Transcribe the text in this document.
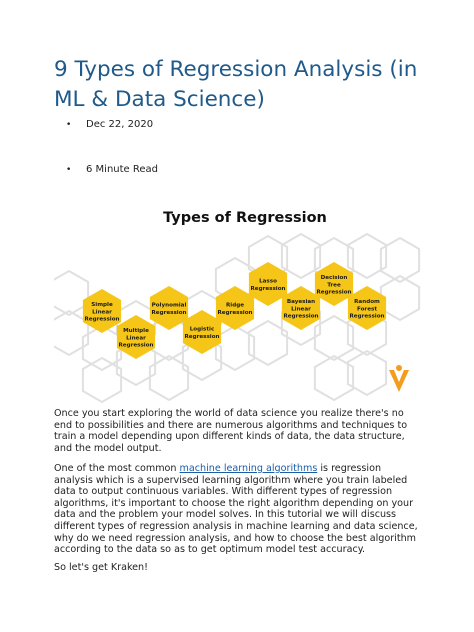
9 Types of Regression Analysis (in ML & Data Science)
• Dec 22, 2020
• 6 Minute Read
Types of Regression
Simple
Linear
Regression
Multiple
Linear
Regression
Polynomial
Regression
Logistic
Regression
Ridge
Regression
Lasso
Regression
Bayesian
Linear
Regression
Decision
Tree
Regression
Random
Forest
Regression

Once you start exploring the world of data science you realize there's no end to possibilities and there are numerous algorithms and techniques to train a model depending upon different kinds of data, the data structure, and the model output.

One of the most common machine learning algorithms is regression analysis which is a supervised learning algorithm where you train labeled data to output continuous variables. With different types of regression algorithms, it's important to choose the right algorithm depending on your data and the problem your model solves. In this tutorial we will discuss different types of regression analysis in machine learning and data science, why do we need regression analysis, and how to choose the best algorithm according to the data so as to get optimum model test accuracy.

So let's get Kraken!
